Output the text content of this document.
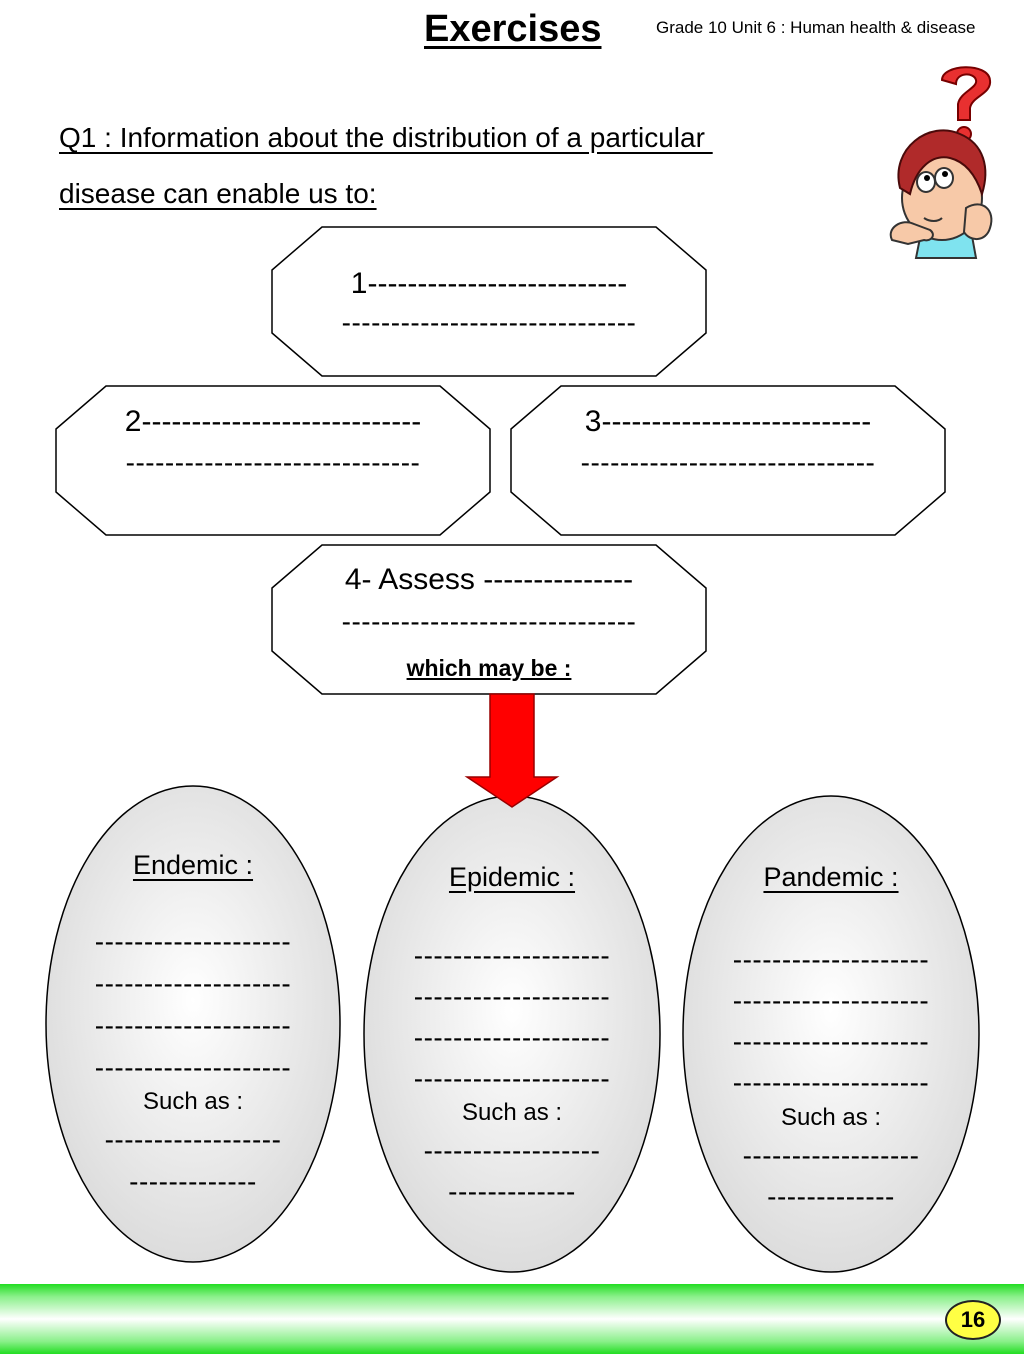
Exercises	Grade 10 Unit 6 : Human health & disease
Q1 : Information about the distribution of a particular
disease can enable us to:
1--------------------------
------------------------------
2----------------------------
------------------------------
3---------------------------
------------------------------
4- Assess ---------------
------------------------------
which may be :
Endemic :
--------------------
--------------------
--------------------
--------------------
Such as :
------------------
-------------
Epidemic :
--------------------
--------------------
--------------------
--------------------
Such as :
------------------
-------------
Pandemic :
--------------------
--------------------
--------------------
--------------------
Such as :
------------------
-------------
16
